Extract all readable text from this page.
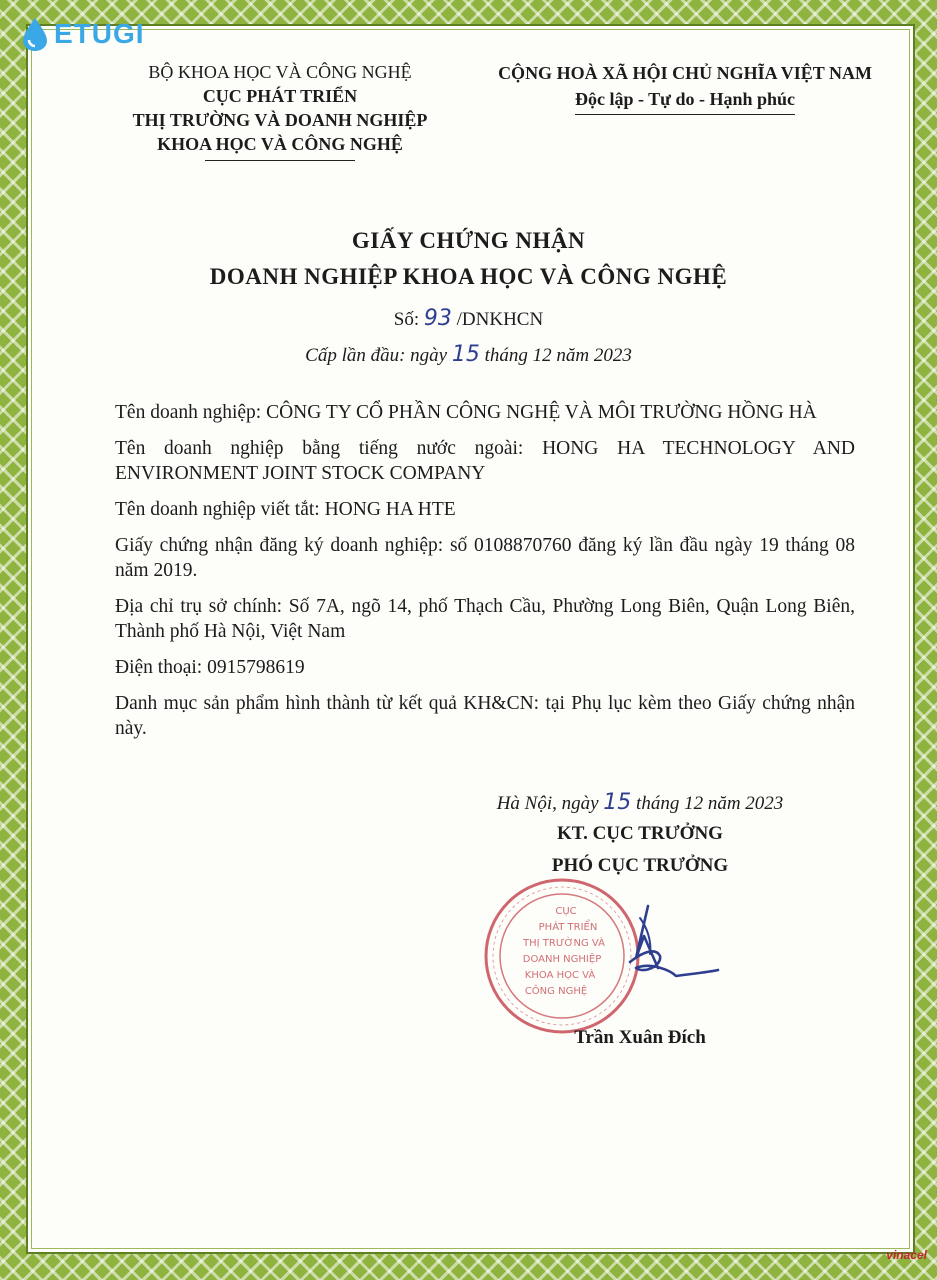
ETUGI
BỘ KHOA HỌC VÀ CÔNG NGHỆ
CỤC PHÁT TRIỂN
THỊ TRƯỜNG VÀ DOANH NGHIỆP
KHOA HỌC VÀ CÔNG NGHỆ
CỘNG HOÀ XÃ HỘI CHỦ NGHĨA VIỆT NAM
Độc lập - Tự do - Hạnh phúc
GIẤY CHỨNG NHẬN
DOANH NGHIỆP KHOA HỌC VÀ CÔNG NGHỆ
Số: 93 /DNKHCN
Cấp lần đầu: ngày 15 tháng 12 năm 2023

Tên doanh nghiệp: CÔNG TY CỔ PHẦN CÔNG NGHỆ VÀ MÔI TRƯỜNG HỒNG HÀ

Tên doanh nghiệp bằng tiếng nước ngoài: HONG HA TECHNOLOGY AND ENVIRONMENT JOINT STOCK COMPANY

Tên doanh nghiệp viết tắt: HONG HA HTE

Giấy chứng nhận đăng ký doanh nghiệp: số 0108870760 đăng ký lần đầu ngày 19 tháng 08 năm 2019.

Địa chỉ trụ sở chính: Số 7A, ngõ 14, phố Thạch Cầu, Phường Long Biên, Quận Long Biên, Thành phố Hà Nội, Việt Nam

Điện thoại: 0915798619

Danh mục sản phẩm hình thành từ kết quả KH&CN: tại Phụ lục kèm theo Giấy chứng nhận này.

Hà Nội, ngày 15 tháng 12 năm 2023
KT. CỤC TRƯỞNG
PHÓ CỤC TRƯỞNG
CỤC
PHÁT TRIỂN
THỊ TRƯỜNG VÀ
DOANH NGHIỆP
KHOA HỌC VÀ
CÔNG NGHỆ
Trần Xuân Đích
vinacel
